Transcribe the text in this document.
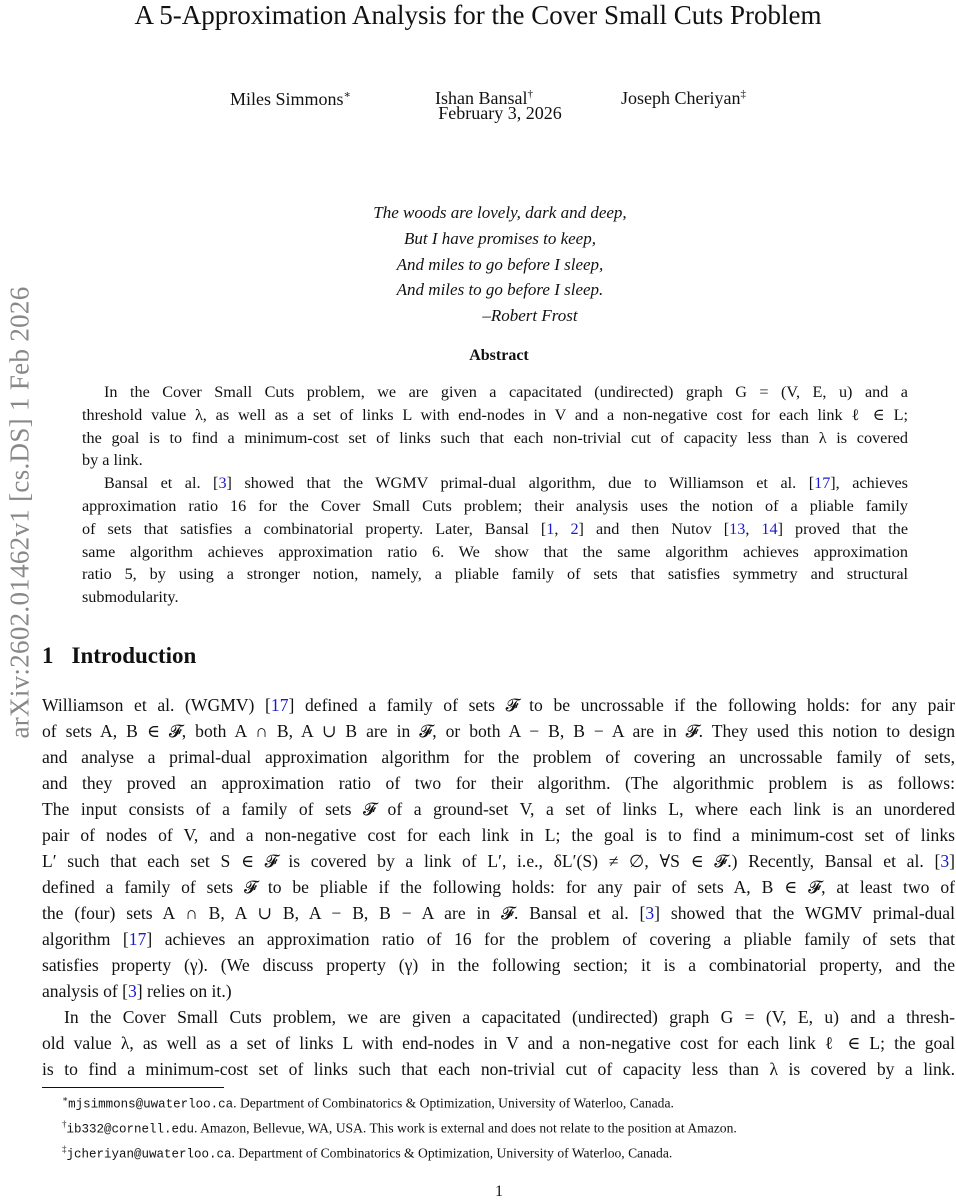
arXiv:2602.01462v1 [cs.DS] 1 Feb 2026
A 5-Approximation Analysis for the Cover Small Cuts Problem
Miles Simmons∗	Ishan Bansal†	Joseph Cheriyan‡
February 3, 2026
The woods are lovely, dark and deep,
But I have promises to keep,
And miles to go before I sleep,
And miles to go before I sleep.
–Robert Frost
Abstract
In the Cover Small Cuts problem, we are given a capacitated (undirected) graph G = (V, E, u) and a
threshold value λ, as well as a set of links L with end-nodes in V and a non-negative cost for each link ℓ ∈ L;
the goal is to find a minimum-cost set of links such that each non-trivial cut of capacity less than λ is covered
by a link.
Bansal et al. [3] showed that the WGMV primal-dual algorithm, due to Williamson et al. [17], achieves
approximation ratio 16 for the Cover Small Cuts problem; their analysis uses the notion of a pliable family
of sets that satisfies a combinatorial property. Later, Bansal [1, 2] and then Nutov [13, 14] proved that the
same algorithm achieves approximation ratio 6. We show that the same algorithm achieves approximation
ratio 5, by using a stronger notion, namely, a pliable family of sets that satisfies symmetry and structural
submodularity.
1 Introduction
Williamson et al. (WGMV) [17] defined a family of sets 𝓕 to be uncrossable if the following holds: for any pair
of sets A, B ∈ 𝓕, both A ∩ B, A ∪ B are in 𝓕, or both A − B, B − A are in 𝓕. They used this notion to design
and analyse a primal-dual approximation algorithm for the problem of covering an uncrossable family of sets,
and they proved an approximation ratio of two for their algorithm. (The algorithmic problem is as follows:
The input consists of a family of sets 𝓕 of a ground-set V, a set of links L, where each link is an unordered
pair of nodes of V, and a non-negative cost for each link in L; the goal is to find a minimum-cost set of links
L′ such that each set S ∈ 𝓕 is covered by a link of L′, i.e., δL′(S) ≠ ∅, ∀S ∈ 𝓕.) Recently, Bansal et al. [3]
defined a family of sets 𝓕 to be pliable if the following holds: for any pair of sets A, B ∈ 𝓕, at least two of
the (four) sets A ∩ B, A ∪ B, A − B, B − A are in 𝓕. Bansal et al. [3] showed that the WGMV primal-dual
algorithm [17] achieves an approximation ratio of 16 for the problem of covering a pliable family of sets that
satisfies property (γ). (We discuss property (γ) in the following section; it is a combinatorial property, and the
analysis of [3] relies on it.)
In the Cover Small Cuts problem, we are given a capacitated (undirected) graph G = (V, E, u) and a thresh-
old value λ, as well as a set of links L with end-nodes in V and a non-negative cost for each link ℓ ∈ L; the goal
is to find a minimum-cost set of links such that each non-trivial cut of capacity less than λ is covered by a link.
∗mjsimmons@uwaterloo.ca. Department of Combinatorics & Optimization, University of Waterloo, Canada.
†ib332@cornell.edu. Amazon, Bellevue, WA, USA. This work is external and does not relate to the position at Amazon.
‡jcheriyan@uwaterloo.ca. Department of Combinatorics & Optimization, University of Waterloo, Canada.
1
